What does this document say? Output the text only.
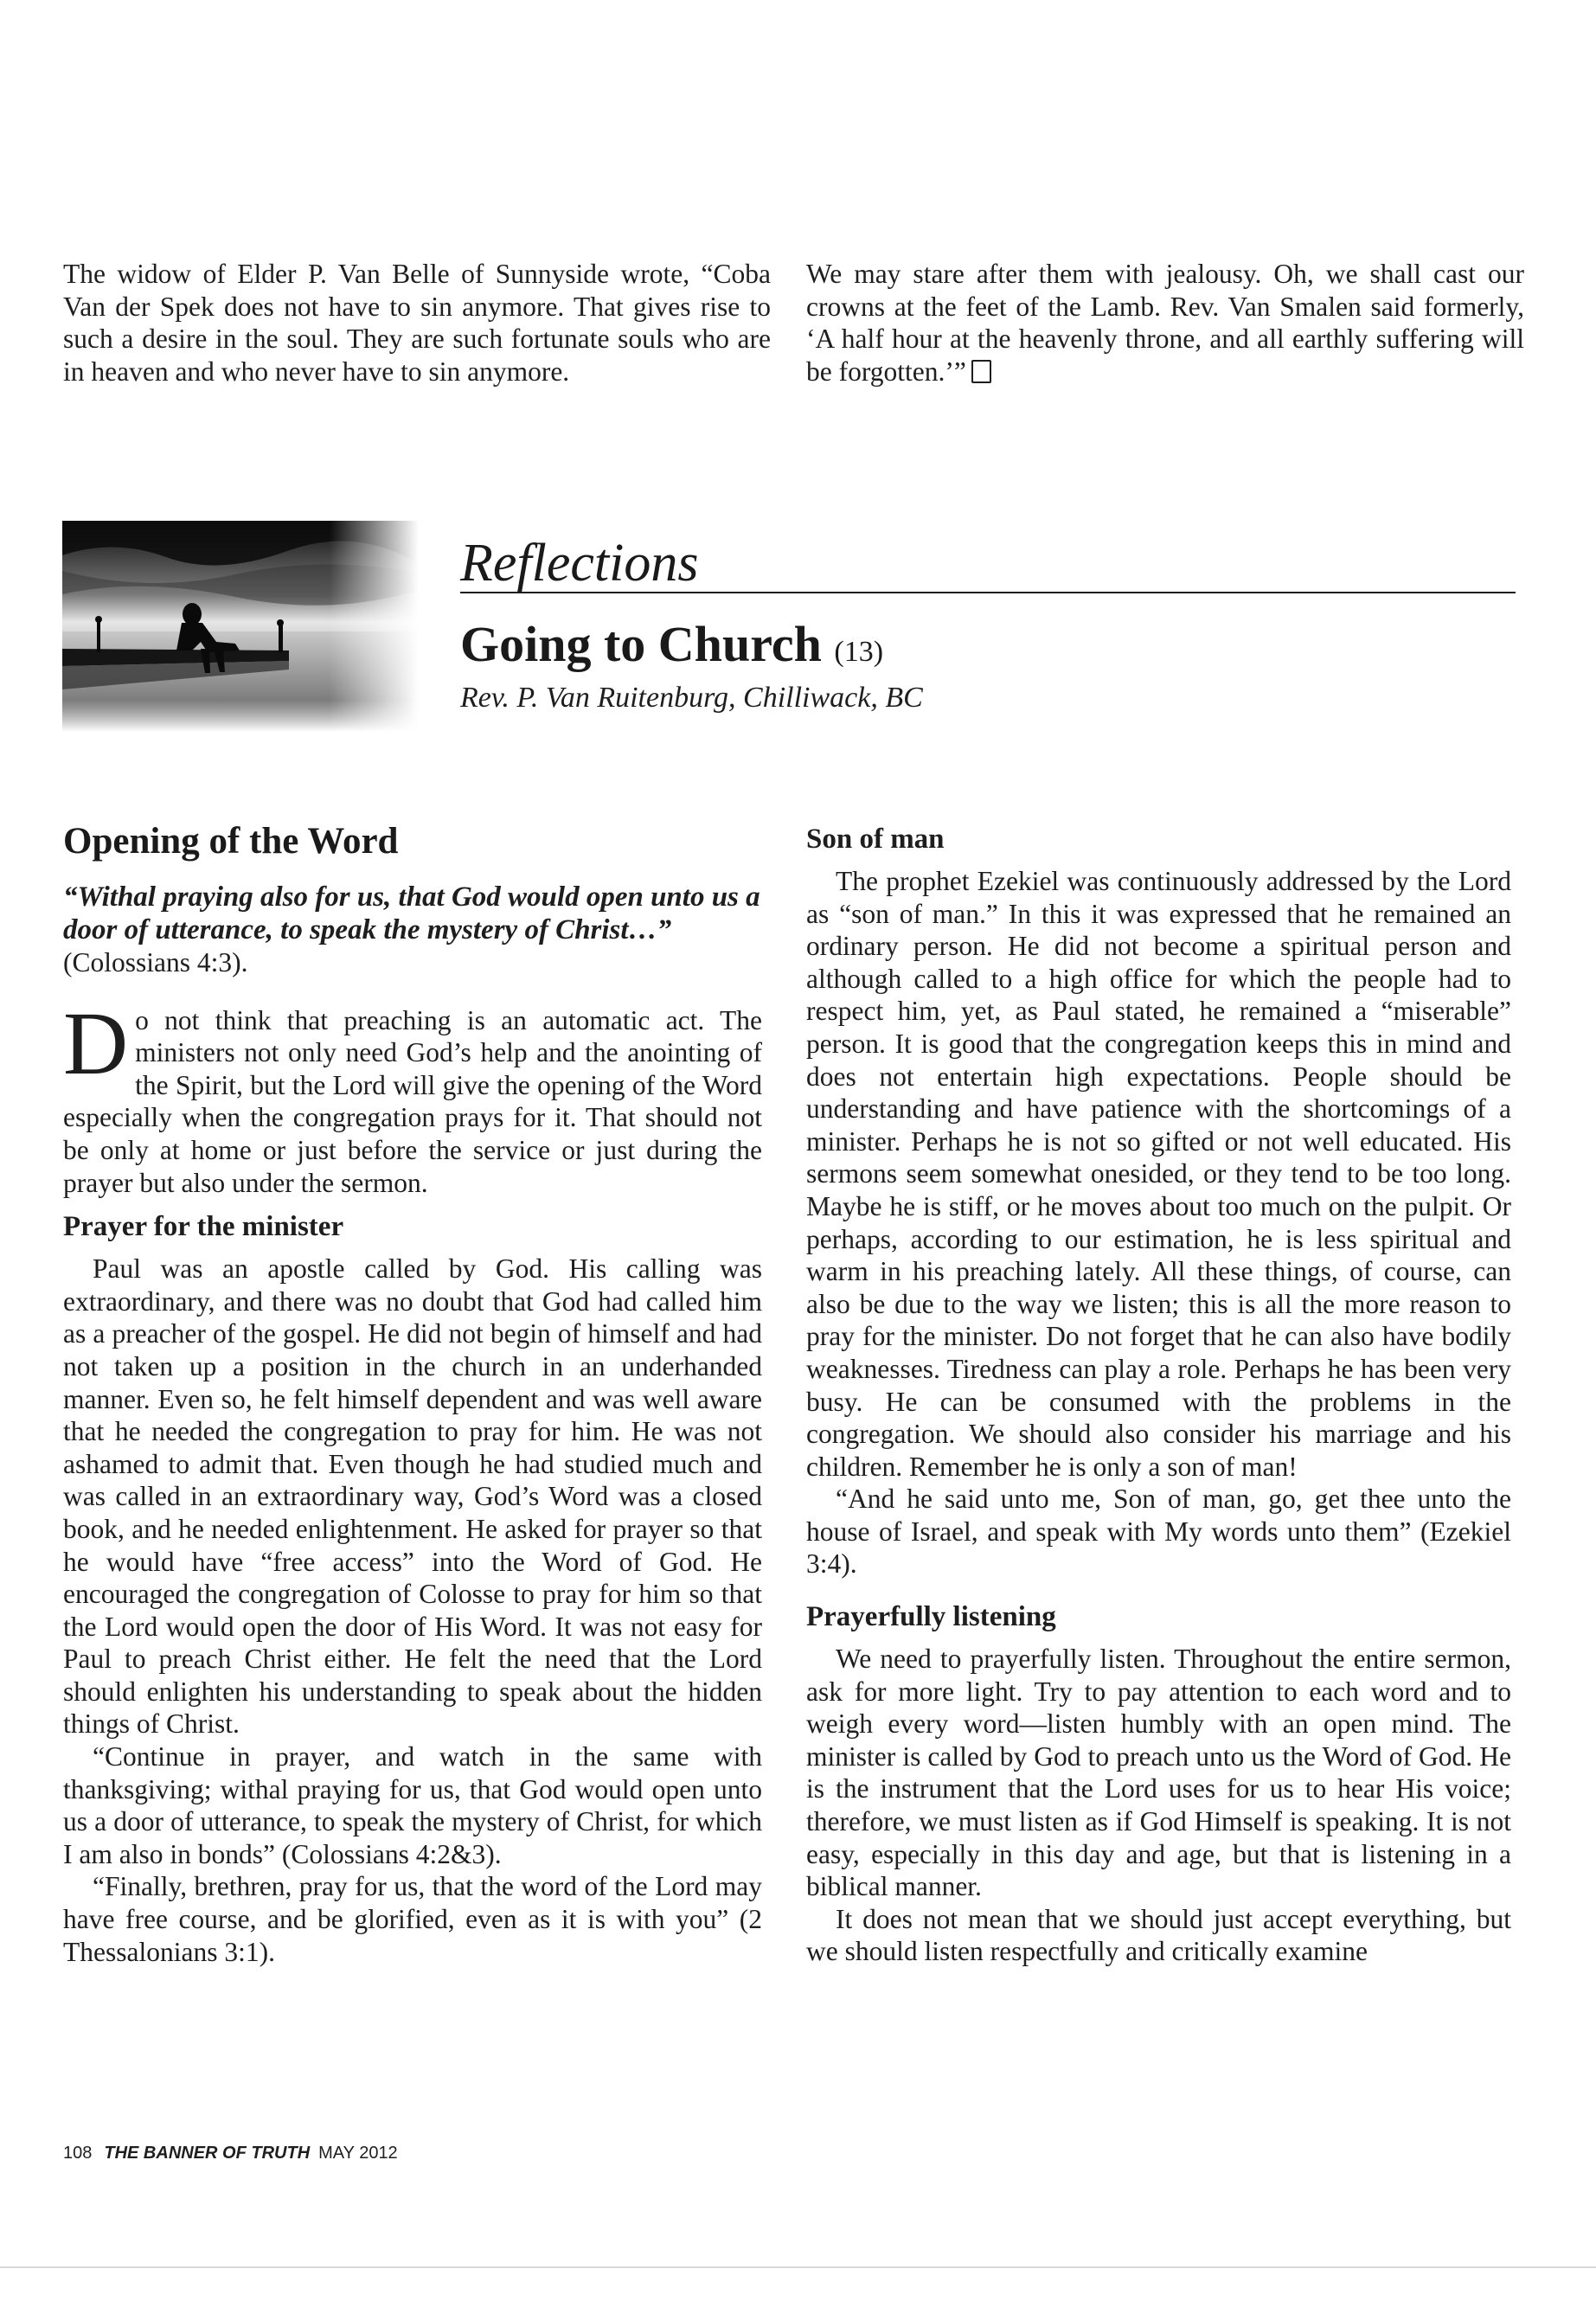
The widow of Elder P. Van Belle of Sunnyside wrote, “Coba Van der Spek does not have to sin anymore. That gives rise to such a desire in the soul. They are such fortunate souls who are in heaven and who never have to sin anymore.

We may stare after them with jealousy. Oh, we shall cast our crowns at the feet of the Lamb. Rev. Van Smalen said formerly, ‘A half hour at the heavenly throne, and all earthly suffering will be forgotten.’”

Reflections
Going to Church (13)
Rev. P. Van Ruitenburg, Chilliwack, BC
Opening of the Word

“Withal praying also for us, that God would open unto us a door of utterance, to speak the mystery of Christ…”

(Colossians 4:3).

Do not think that preaching is an automatic act. The ministers not only need God’s help and the anointing of the Spirit, but the Lord will give the opening of the Word especially when the congregation prays for it. That should not be only at home or just before the service or just during the prayer but also under the sermon.

Prayer for the minister

Paul was an apostle called by God. His calling was extraordinary, and there was no doubt that God had called him as a preacher of the gospel. He did not begin of himself and had not taken up a position in the church in an underhanded manner. Even so, he felt himself dependent and was well aware that he needed the congregation to pray for him. He was not ashamed to admit that. Even though he had studied much and was called in an extraordinary way, God’s Word was a closed book, and he needed enlightenment. He asked for prayer so that he would have “free access” into the Word of God. He encouraged the congregation of Colosse to pray for him so that the Lord would open the door of His Word. It was not easy for Paul to preach Christ either. He felt the need that the Lord should enlighten his understanding to speak about the hidden things of Christ.

“Continue in prayer, and watch in the same with thanksgiving; withal praying for us, that God would open unto us a door of utterance, to speak the mystery of Christ, for which I am also in bonds” (Colossians 4:2&3).

“Finally, brethren, pray for us, that the word of the Lord may have free course, and be glorified, even as it is with you” (2 Thessalonians 3:1).

Son of man

The prophet Ezekiel was continuously addressed by the Lord as “son of man.” In this it was expressed that he remained an ordinary person. He did not become a spiritual person and although called to a high office for which the people had to respect him, yet, as Paul stated, he remained a “miserable” person. It is good that the congregation keeps this in mind and does not entertain high expectations. People should be understanding and have patience with the shortcomings of a minister. Perhaps he is not so gifted or not well educated. His sermons seem somewhat onesided, or they tend to be too long. Maybe he is stiff, or he moves about too much on the pulpit. Or perhaps, according to our estimation, he is less spiritual and warm in his preaching lately. All these things, of course, can also be due to the way we listen; this is all the more reason to pray for the minister. Do not forget that he can also have bodily weaknesses. Tiredness can play a role. Perhaps he has been very busy. He can be consumed with the problems in the congregation. We should also consider his marriage and his children. Remember he is only a son of man!

“And he said unto me, Son of man, go, get thee unto the house of Israel, and speak with My words unto them” (Ezekiel 3:4).

Prayerfully listening

We need to prayerfully listen. Throughout the entire sermon, ask for more light. Try to pay attention to each word and to weigh every word—listen humbly with an open mind. The minister is called by God to preach unto us the Word of God. He is the instrument that the Lord uses for us to hear His voice; therefore, we must listen as if God Himself is speaking. It is not easy, especially in this day and age, but that is listening in a biblical manner.

It does not mean that we should just accept everything, but we should listen respectfully and critically examine

108 THE BANNER OF TRUTH MAY 2012
